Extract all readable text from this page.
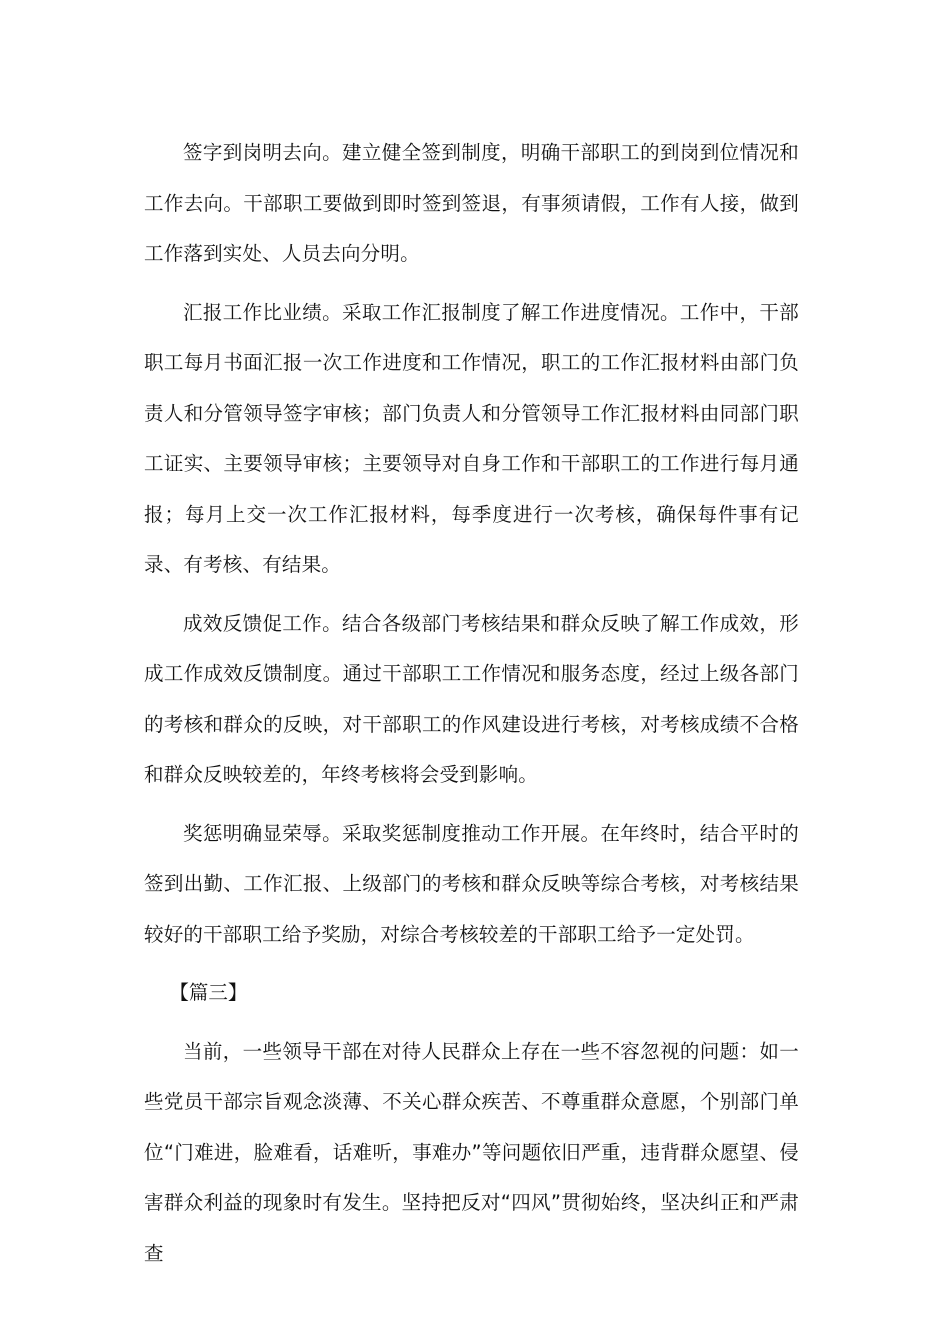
签字到岗明去向。建立健全签到制度，明确干部职工的到岗到位情况和工作去向。干部职工要做到即时签到签退，有事须请假，工作有人接，做到工作落到实处、人员去向分明。

汇报工作比业绩。采取工作汇报制度了解工作进度情况。工作中，干部职工每月书面汇报一次工作进度和工作情况，职工的工作汇报材料由部门负责人和分管领导签字审核；部门负责人和分管领导工作汇报材料由同部门职工证实、主要领导审核；主要领导对自身工作和干部职工的工作进行每月通报；每月上交一次工作汇报材料，每季度进行一次考核，确保每件事有记录、有考核、有结果。

成效反馈促工作。结合各级部门考核结果和群众反映了解工作成效，形成工作成效反馈制度。通过干部职工工作情况和服务态度，经过上级各部门的考核和群众的反映，对干部职工的作风建设进行考核，对考核成绩不合格和群众反映较差的，年终考核将会受到影响。

奖惩明确显荣辱。采取奖惩制度推动工作开展。在年终时，结合平时的签到出勤、工作汇报、上级部门的考核和群众反映等综合考核，对考核结果较好的干部职工给予奖励，对综合考核较差的干部职工给予一定处罚。

【篇三】

当前，一些领导干部在对待人民群众上存在一些不容忽视的问题：如一些党员干部宗旨观念淡薄、不关心群众疾苦、不尊重群众意愿，个别部门单位“门难进，脸难看，话难听，事难办”等问题依旧严重，违背群众愿望、侵害群众利益的现象时有发生。坚持把反对“四风”贯彻始终，坚决纠正和严肃查
